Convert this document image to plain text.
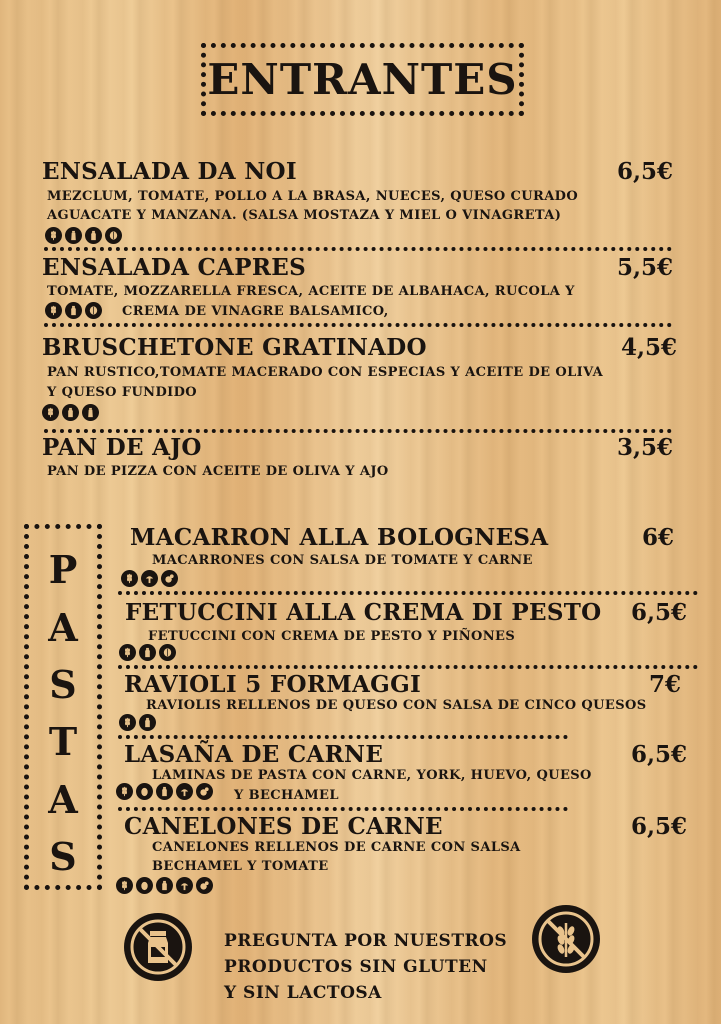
ENTRANTES
ENSALADA DA NOI	6,5€
MEZCLUM, TOMATE, POLLO A LA BRASA, NUECES, QUESO CURADO
AGUACATE Y MANZANA. (SALSA MOSTAZA Y MIEL O VINAGRETA)
ENSALADA CAPRES	5,5€
TOMATE, MOZZARELLA FRESCA, ACEITE DE ALBAHACA, RUCOLA Y
CREMA DE VINAGRE BALSAMICO,
BRUSCHETONE GRATINADO	4,5€
PAN RUSTICO,TOMATE MACERADO CON ESPECIAS Y ACEITE DE OLIVA
Y QUESO FUNDIDO
PAN DE AJO	3,5€
PAN DE PIZZA CON ACEITE DE OLIVA Y AJO
P
A
S
T
A
S
MACARRON ALLA BOLOGNESA	6€
MACARRONES CON SALSA DE TOMATE Y CARNE
FETUCCINI ALLA CREMA DI PESTO 6,5€
FETUCCINI CON CREMA DE PESTO Y PIÑONES
RAVIOLI 5 FORMAGGI	7€
RAVIOLIS RELLENOS DE QUESO CON SALSA DE CINCO QUESOS
LASAÑA DE CARNE	6,5€
LAMINAS DE PASTA CON CARNE, YORK, HUEVO, QUESO
Y BECHAMEL
CANELONES DE CARNE	6,5€
CANELONES RELLENOS DE CARNE CON SALSA
BECHAMEL Y TOMATE
PREGUNTA POR NUESTROS
PRODUCTOS SIN GLUTEN
Y SIN LACTOSA
